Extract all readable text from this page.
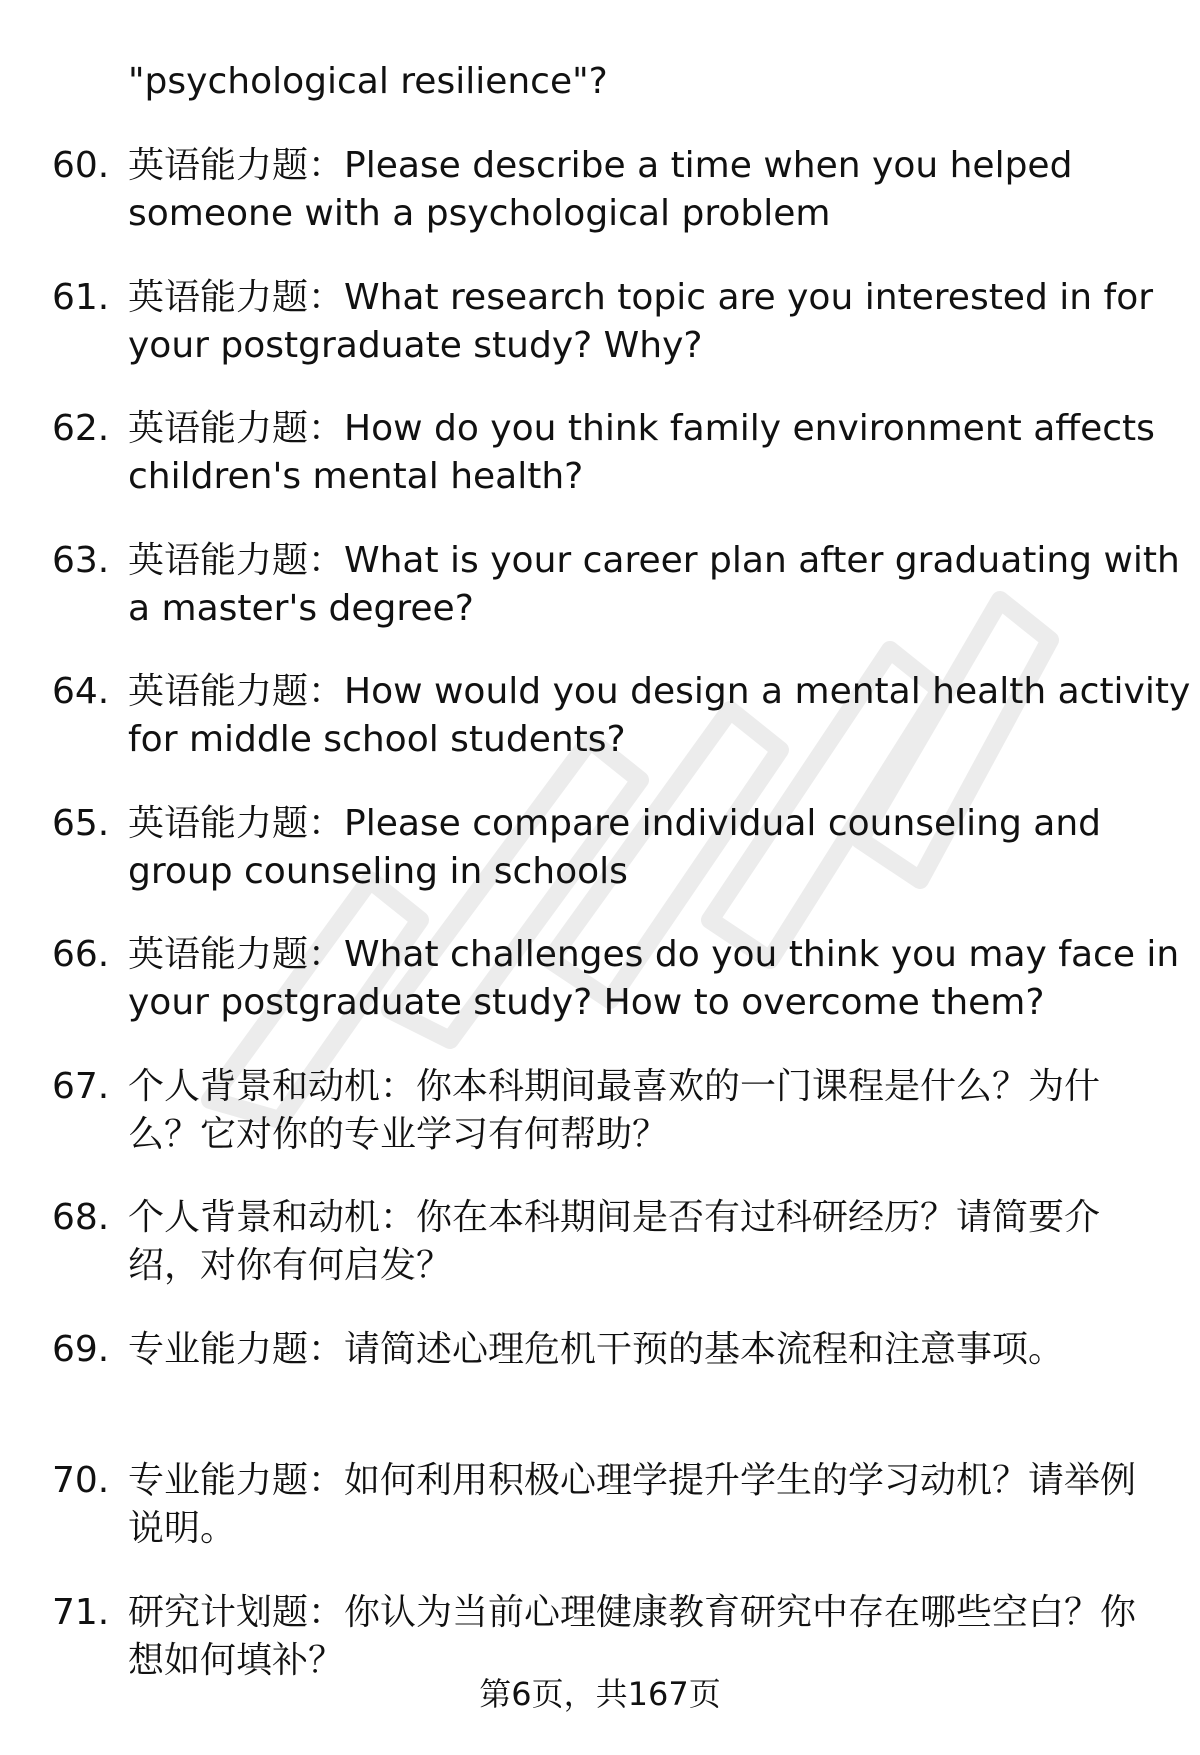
"psychological resilience"?
60. 英语能力题：Please describe a time when you helped
someone with a psychological problem
61. 英语能力题：What research topic are you interested in for
your postgraduate study? Why?
62. 英语能力题：How do you think family environment affects
children's mental health?
63. 英语能力题：What is your career plan after graduating with
a master's degree?
64. 英语能力题：How would you design a mental health activity
for middle school students?
65. 英语能力题：Please compare individual counseling and
group counseling in schools
66. 英语能力题：What challenges do you think you may face in
your postgraduate study? How to overcome them?
67. 个人背景和动机：你本科期间最喜欢的一门课程是什么？为什
么？它对你的专业学习有何帮助？
68. 个人背景和动机：你在本科期间是否有过科研经历？请简要介
绍，对你有何启发？
69. 专业能力题：请简述心理危机干预的基本流程和注意事项。
70. 专业能力题：如何利用积极心理学提升学生的学习动机？请举例
说明。
71. 研究计划题：你认为当前心理健康教育研究中存在哪些空白？你
想如何填补？
第6页，共167页
